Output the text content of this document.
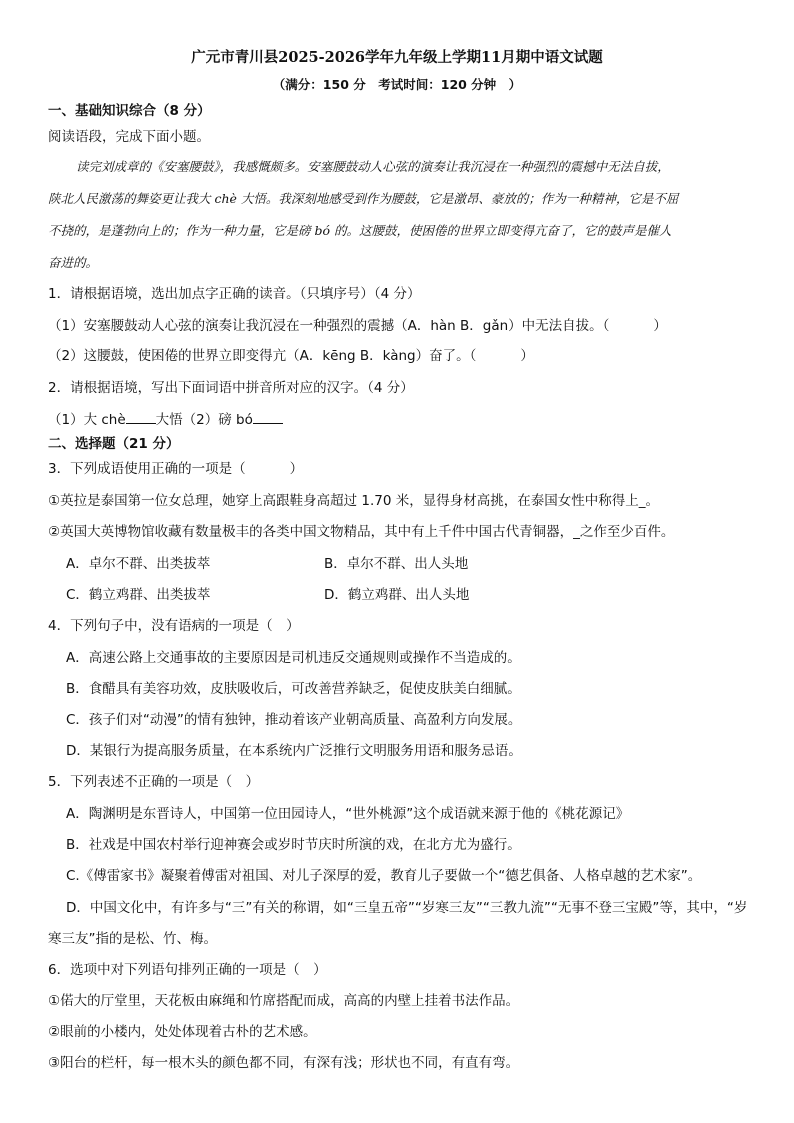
广元市青川县2025-2026学年九年级上学期11月期中语文试题
（满分：150 分　考试时间：120 分钟　）
一、基础知识综合（8 分）
阅读语段，完成下面小题。
读完刘成章的《安塞腰鼓》，我感慨颇多。安塞腰鼓动人心弦的演奏让我沉浸在一种强烈的震撼中无法自拔，
陕北人民激荡的舞姿更让我大 chè 大悟。我深刻地感受到作为腰鼓，它是激昂、豪放的；作为一种精神，它是不屈
不挠的，是蓬勃向上的；作为一种力量，它是磅 bó 的。这腰鼓，使困倦的世界立即变得亢奋了，它的鼓声是催人
奋进的。
1．请根据语境，选出加点字正确的读音。（只填序号）（4 分）
（1）安塞腰鼓动人心弦的演奏让我沉浸在一种强烈的震撼（A．hàn B．gǎn）中无法自拔。（	）
（2）这腰鼓，使困倦的世界立即变得亢（A．kēng B．kàng）奋了。（	）
2．请根据语境，写出下面词语中拼音所对应的汉字。（4 分）
（1）大 chè 大悟（2）磅 bó
二、选择题（21 分）
3．下列成语使用正确的一项是（	）
①英拉是泰国第一位女总理，她穿上高跟鞋身高超过 1.70 米，显得身材高挑，在泰国女性中称得上_。
②英国大英博物馆收藏有数量极丰的各类中国文物精品，其中有上千件中国古代青铜器，_之作至少百件。
A．卓尔不群、出类拔萃	B．卓尔不群、出人头地
C．鹤立鸡群、出类拔萃	D．鹤立鸡群、出人头地
4．下列句子中，没有语病的一项是（　）
A．高速公路上交通事故的主要原因是司机违反交通规则或操作不当造成的。
B．食醋具有美容功效，皮肤吸收后，可改善营养缺乏，促使皮肤美白细腻。
C．孩子们对“动漫”的情有独钟，推动着该产业朝高质量、高盈利方向发展。
D．某银行为提高服务质量，在本系统内广泛推行文明服务用语和服务忌语。
5．下列表述不正确的一项是（　）
A．陶渊明是东晋诗人，中国第一位田园诗人，“世外桃源”这个成语就来源于他的《桃花源记》
B．社戏是中国农村举行迎神赛会或岁时节庆时所演的戏，在北方尤为盛行。
C.《傅雷家书》凝聚着傅雷对祖国、对儿子深厚的爱，教育儿子要做一个“德艺俱备、人格卓越的艺术家”。
D．中国文化中，有许多与“三”有关的称谓，如“三皇五帝”“岁寒三友”“三教九流”“无事不登三宝殿”等，其中，“岁
寒三友”指的是松、竹、梅。
6．选项中对下列语句排列正确的一项是（　）
①偌大的厅堂里，天花板由麻绳和竹席搭配而成，高高的内壁上挂着书法作品。
②眼前的小楼内，处处体现着古朴的艺术感。
③阳台的栏杆，每一根木头的颜色都不同，有深有浅；形状也不同，有直有弯。
